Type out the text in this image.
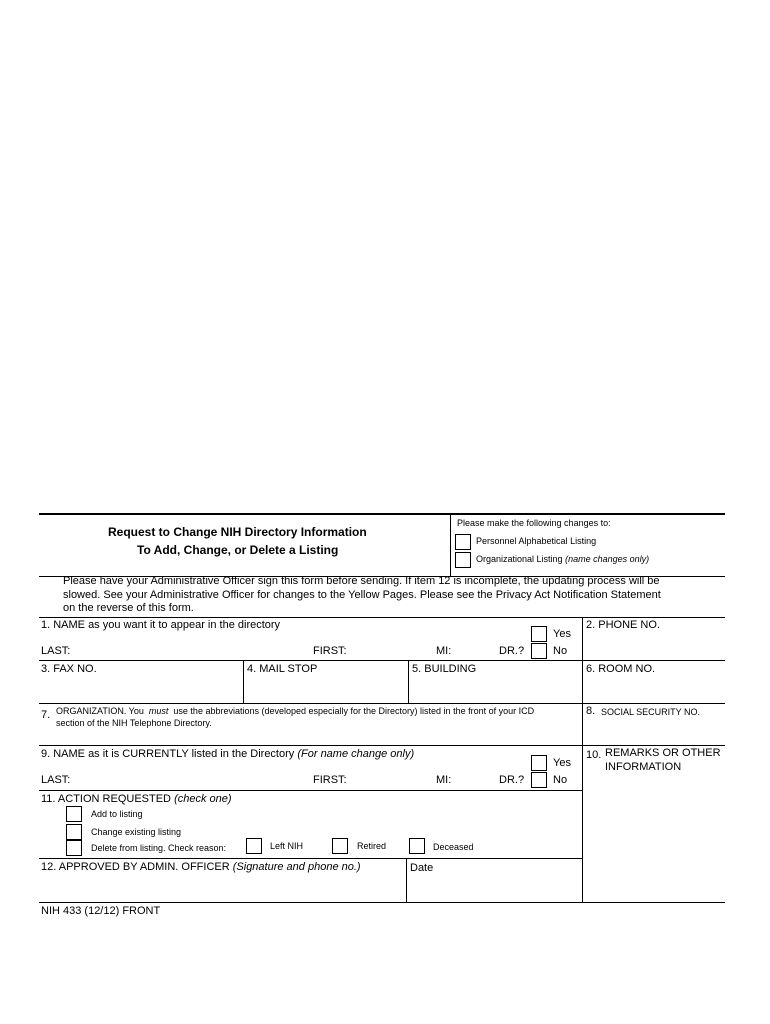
Request to Change NIH Directory Information
To Add, Change, or Delete a Listing
Please make the following changes to:
Personnel Alphabetical Listing
Organizational Listing (name changes only)
Please have your Administrative Officer sign this form before sending. If item 12 is incomplete, the updating process will be slowed. See your Administrative Officer for changes to the Yellow Pages. Please see the Privacy Act Notification Statement on the reverse of this form.
1. NAME as you want it to appear in the directory	2. PHONE NO.
LAST:	FIRST:	MI:	DR.?
Yes
No
3. FAX NO.	4. MAIL STOP	5. BUILDING	6. ROOM NO.
7. ORGANIZATION. You must use the abbreviations (developed especially for the Directory) listed in the front of your ICD
section of the NIH Telephone Directory.
8. SOCIAL SECURITY NO.
9. NAME as it is CURRENTLY listed in the Directory (For name change only)	10. REMARKS OR OTHER
INFORMATION
LAST:	FIRST:	MI:	DR.?
Yes
No
11. ACTION REQUESTED (check one)
Add to listing
Change existing listing
Delete from listing. Check reason:	Left NIH	Retired	Deceased
12. APPROVED BY ADMIN. OFFICER (Signature and phone no.)	Date
NIH 433 (12/12) FRONT
